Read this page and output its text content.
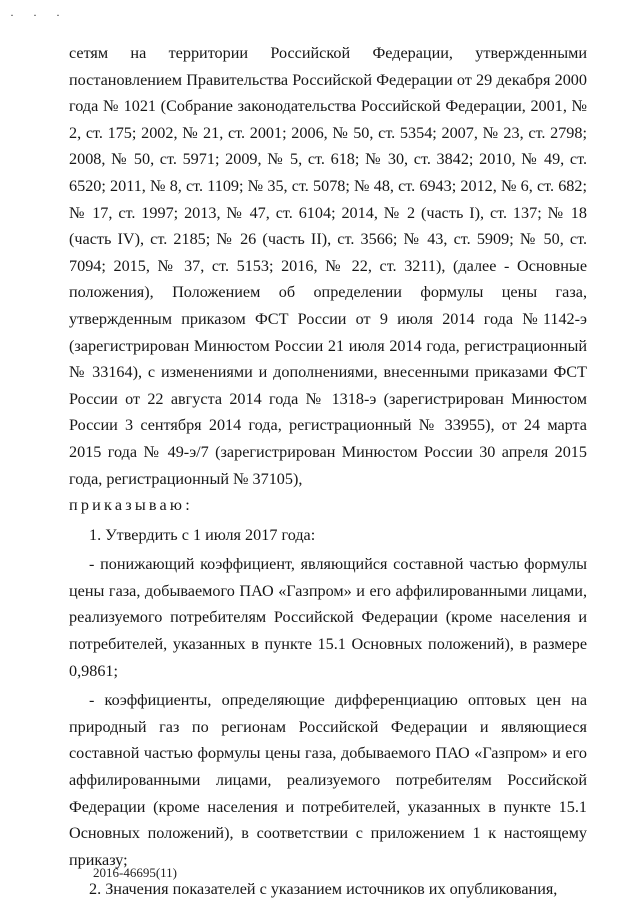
· · ·

сетям на территории Российской Федерации, утвержденными постановлением Правительства Российской Федерации от 29 декабря 2000 года № 1021 (Собрание законодательства Российской Федерации, 2001, № 2, ст. 175; 2002, № 21, ст. 2001; 2006, № 50, ст. 5354; 2007, № 23, ст. 2798; 2008, № 50, ст. 5971; 2009, № 5, ст. 618; № 30, ст. 3842; 2010, № 49, ст. 6520; 2011, № 8, ст. 1109; № 35, ст. 5078; № 48, ст. 6943; 2012, № 6, ст. 682; № 17, ст. 1997; 2013, № 47, ст. 6104; 2014, № 2 (часть I), ст. 137; № 18 (часть IV), ст. 2185; № 26 (часть II), ст. 3566; № 43, ст. 5909; № 50, ст. 7094; 2015, № 37, ст. 5153; 2016, № 22, ст. 3211), (далее - Основные положения), Положением об определении формулы цены газа, утвержденным приказом ФСТ России от 9 июля 2014 года №1142-э (зарегистрирован Минюстом России 21 июля 2014 года, регистрационный № 33164), с изменениями и дополнениями, внесенными приказами ФСТ России от 22 августа 2014 года № 1318-э (зарегистрирован Минюстом России 3 сентября 2014 года, регистрационный № 33955), от 24 марта 2015 года № 49-э/7 (зарегистрирован Минюстом России 30 апреля 2015 года, регистрационный № 37105),

приказываю:

1. Утвердить с 1 июля 2017 года:

- понижающий коэффициент, являющийся составной частью формулы цены газа, добываемого ПАО «Газпром» и его аффилированными лицами, реализуемого потребителям Российской Федерации (кроме населения и потребителей, указанных в пункте 15.1 Основных положений), в размере 0,9861;

- коэффициенты, определяющие дифференциацию оптовых цен на природный газ по регионам Российской Федерации и являющиеся составной частью формулы цены газа, добываемого ПАО «Газпром» и его аффилированными лицами, реализуемого потребителям Российской Федерации (кроме населения и потребителей, указанных в пункте 15.1 Основных положений), в соответствии с приложением 1 к настоящему приказу;

2. Значения показателей с указанием источников их опубликования,

2016-46695(11)
